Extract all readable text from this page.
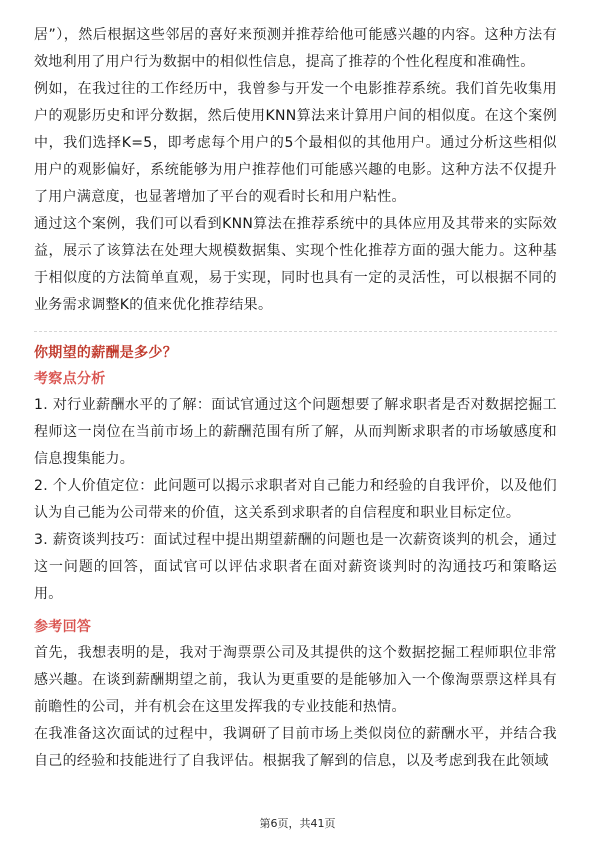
居”），然后根据这些邻居的喜好来预测并推荐给他可能感兴趣的内容。这种方法有效地利用了用户行为数据中的相似性信息，提高了推荐的个性化程度和准确性。

例如，在我过往的工作经历中，我曾参与开发一个电影推荐系统。我们首先收集用户的观影历史和评分数据，然后使用KNN算法来计算用户间的相似度。在这个案例中，我们选择K=5，即考虑每个用户的5个最相似的其他用户。通过分析这些相似用户的观影偏好，系统能够为用户推荐他们可能感兴趣的电影。这种方法不仅提升了用户满意度，也显著增加了平台的观看时长和用户粘性。

通过这个案例，我们可以看到KNN算法在推荐系统中的具体应用及其带来的实际效益，展示了该算法在处理大规模数据集、实现个性化推荐方面的强大能力。这种基于相似度的方法简单直观，易于实现，同时也具有一定的灵活性，可以根据不同的业务需求调整K的值来优化推荐结果。

你期望的薪酬是多少？
考察点分析

1. 对行业薪酬水平的了解：面试官通过这个问题想要了解求职者是否对数据挖掘工程师这一岗位在当前市场上的薪酬范围有所了解，从而判断求职者的市场敏感度和信息搜集能力。

2. 个人价值定位：此问题可以揭示求职者对自己能力和经验的自我评价，以及他们认为自己能为公司带来的价值，这关系到求职者的自信程度和职业目标定位。

3. 薪资谈判技巧：面试过程中提出期望薪酬的问题也是一次薪资谈判的机会，通过这一问题的回答，面试官可以评估求职者在面对薪资谈判时的沟通技巧和策略运用。

参考回答

首先，我想表明的是，我对于淘票票公司及其提供的这个数据挖掘工程师职位非常感兴趣。在谈到薪酬期望之前，我认为更重要的是能够加入一个像淘票票这样具有前瞻性的公司，并有机会在这里发挥我的专业技能和热情。

在我准备这次面试的过程中，我调研了目前市场上类似岗位的薪酬水平，并结合我自己的经验和技能进行了自我评估。根据我了解到的信息，以及考虑到我在此领域

第6页，共41页
